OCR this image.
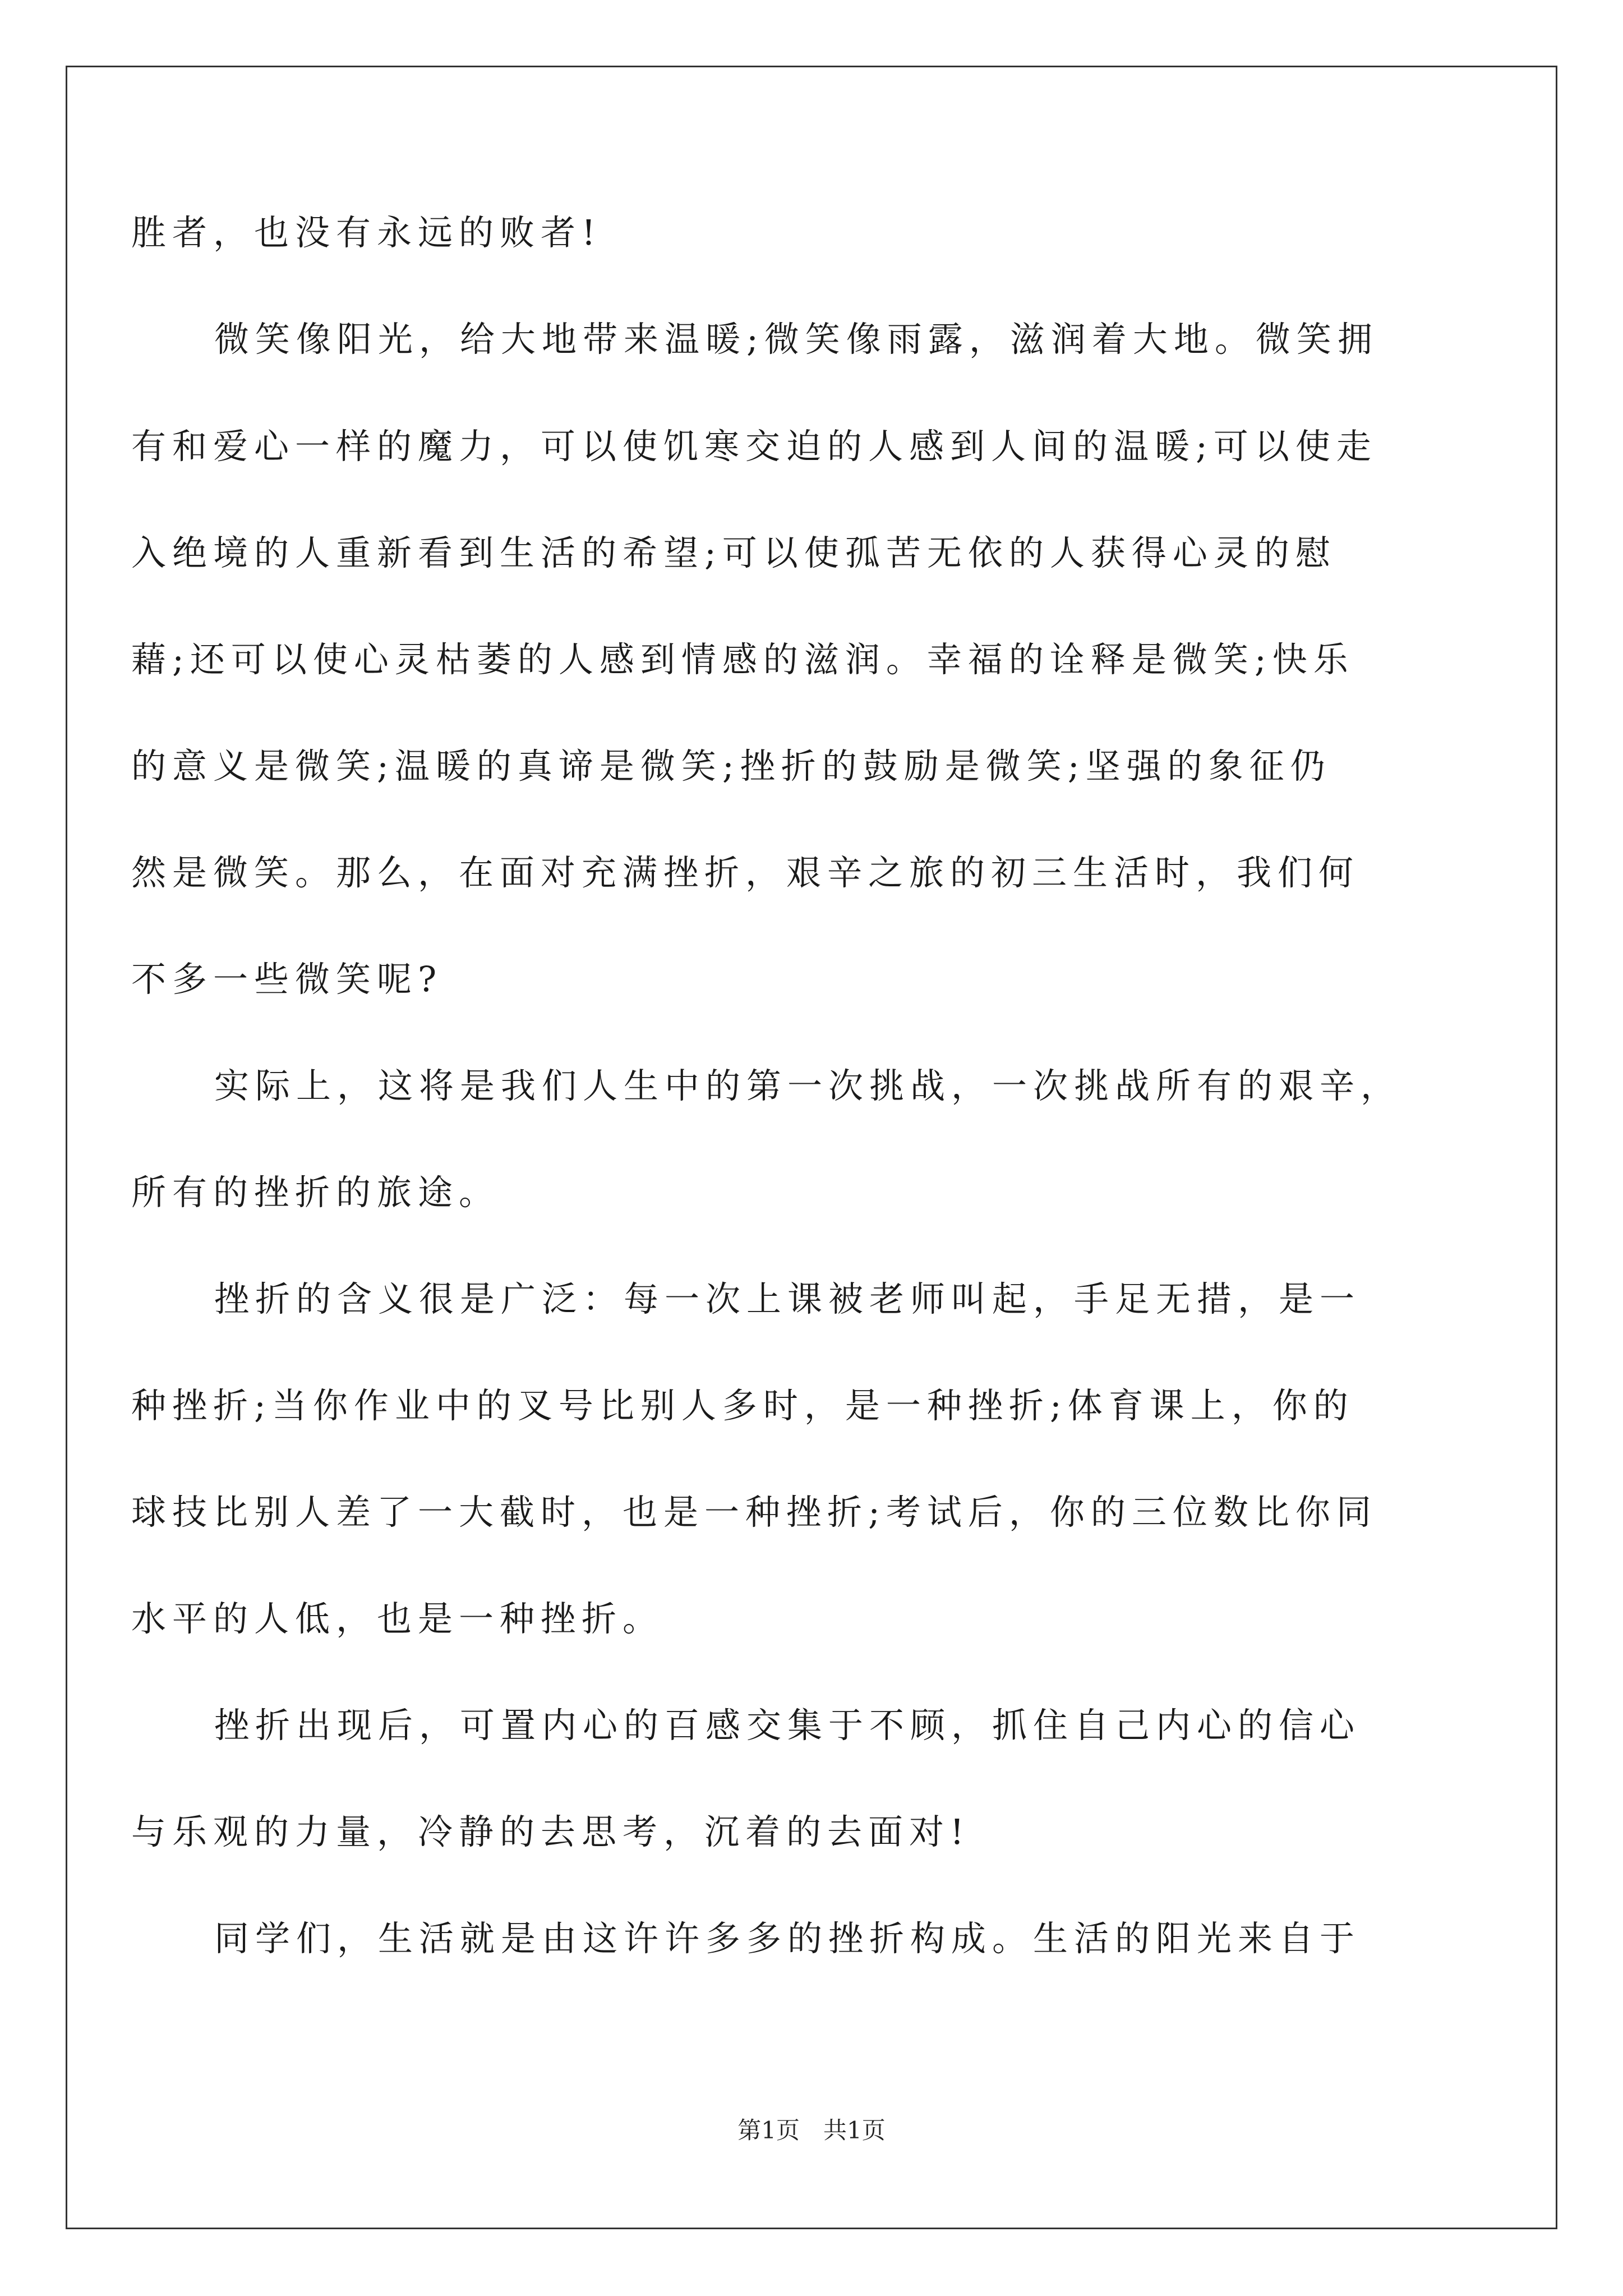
胜者，也没有永远的败者!
微笑像阳光，给大地带来温暖;微笑像雨露，滋润着大地。微笑拥
有和爱心一样的魔力，可以使饥寒交迫的人感到人间的温暖;可以使走
入绝境的人重新看到生活的希望;可以使孤苦无依的人获得心灵的慰
藉;还可以使心灵枯萎的人感到情感的滋润。幸福的诠释是微笑;快乐
的意义是微笑;温暖的真谛是微笑;挫折的鼓励是微笑;坚强的象征仍
然是微笑。那么，在面对充满挫折，艰辛之旅的初三生活时，我们何
不多一些微笑呢?
实际上，这将是我们人生中的第一次挑战，一次挑战所有的艰辛，
所有的挫折的旅途。
挫折的含义很是广泛：每一次上课被老师叫起，手足无措，是一
种挫折;当你作业中的叉号比别人多时，是一种挫折;体育课上，你的
球技比别人差了一大截时，也是一种挫折;考试后，你的三位数比你同
水平的人低，也是一种挫折。
挫折出现后，可置内心的百感交集于不顾，抓住自己内心的信心
与乐观的力量，冷静的去思考，沉着的去面对!
同学们，生活就是由这许许多多的挫折构成。生活的阳光来自于
第1页　共1页
